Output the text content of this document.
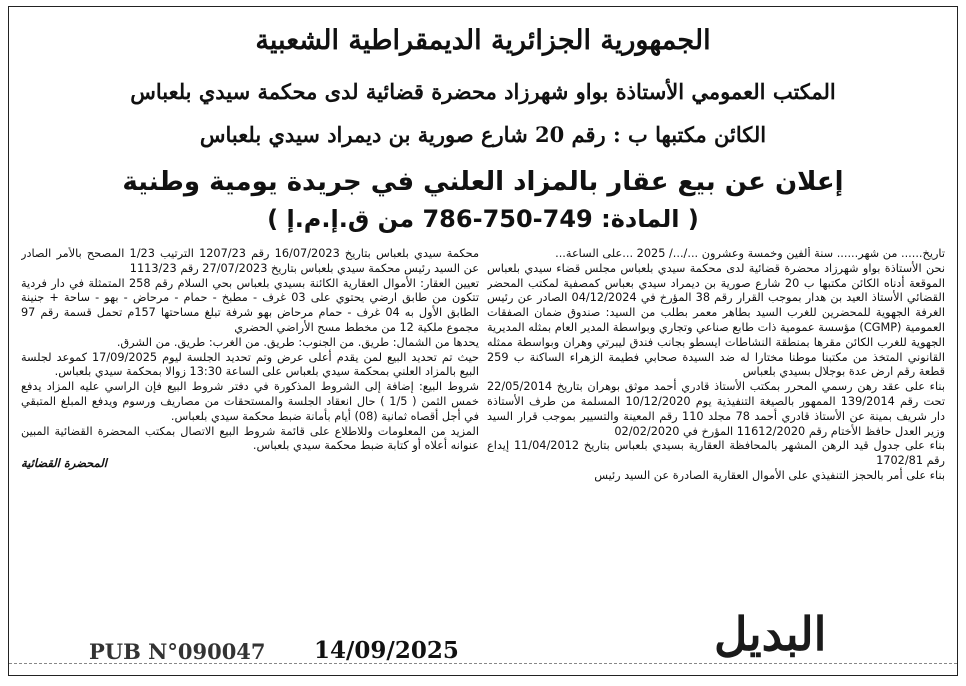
الجمهورية الجزائرية الديمقراطية الشعبية
المكتب العمومي الأستاذة بواو شهرزاد محضرة قضائية لدى محكمة سيدي بلعباس
الكائن مكتبها ب : رقم 20 شارع صورية بن ديمراد سيدي بلعباس
إعلان عن بيع عقار بالمزاد العلني في جريدة يومية وطنية
( المادة: 749-750-786 من ق.إ.م.إ )

تاريخ...... من شهر...... سنة ألفين وخمسة وعشرون .../.../ 2025 ...على الساعة...

نحن الأستاذة بواو شهرزاد محضرة قضائية لدى محكمة سيدي بلعباس مجلس قضاء سيدي بلعباس الموقعة أدناه الكائن مكتبها ب 20 شارع صورية بن ديمراد سيدي بعباس كمصفية لمكتب المحضر القضائي الأستاذ العيد بن هدار بموجب القرار رقم 38 المؤرخ في 04/12/2024 الصادر عن رئيس الغرفة الجهوية للمحضرين للغرب السيد بطاهر معمر بطلب من السيد: صندوق ضمان الصفقات العمومية (CGMP) مؤسسة عمومية ذات طابع صناعي وتجاري وبواسطة المدير العام بمثله المديرية الجهوية للغرب الكائن مقرها بمنطقة النشاطات ايسطو بجانب فندق ليبرتي وهران وبواسطة ممثله القانوني المتخذ من مكتبنا موطنا مختارا له ضد السيدة صحابي فطيمة الزهراء الساكنة ب 259 قطعة رقم ارض عدة بوجلال بسيدي بلعباس

بناء على عقد رهن رسمي المحرر بمكتب الأستاذ قادري أحمد موثق بوهران بتاريخ 22/05/2014 تحت رقم 139/2014 الممهور بالصيغة التنفيذية يوم 10/12/2020 المسلمة من طرف الأستاذة دار شريف بمينة عن الأستاذ قادري أحمد 78 مجلد 110 رقم المعينة والتسيير بموجب قرار السيد وزير العدل حافظ الأختام رقم 11612/2020 المؤرخ في 02/02/2020

بناء على جدول قيد الرهن المشهر بالمحافظة العقارية بسيدي بلعباس بتاريخ 11/04/2012 إيداع رقم 1702/81

بناء على أمر بالحجز التنفيذي على الأموال العقارية الصادرة عن السيد رئيس

محكمة سيدي بلعباس بتاريخ 16/07/2023 رقم 1207/23 الترتيب 1/23 المصحح بالأمر الصادر عن السيد رئيس محكمة سيدي بلعباس بتاريخ 27/07/2023 رقم 1113/23

تعيين العقار: الأموال العقارية الكائنة بسيدي بلعباس بحي السلام رقم 258 المتمثلة في دار فردية تتكون من طابق ارضي يحتوي على 03 غرف - مطبخ - حمام - مرحاض - بهو - ساحة + جنينة الطابق الأول به 04 غرف - حمام مرحاض بهو شرفة تبلغ مساحتها 157م تحمل قسمة رقم 97 مجموع ملكية 12 من مخطط مسح الأراضي الحضري

يحدها من الشمال: طريق. من الجنوب: طريق. من الغرب: طريق. من الشرق.

حيث تم تحديد البيع لمن يقدم أعلى عرض وتم تحديد الجلسة ليوم 17/09/2025 كموعد لجلسة البيع بالمزاد العلني بمحكمة سيدي بلعباس على الساعة 13:30 زوالا بمحكمة سيدي بلعباس.

شروط البيع: إضافة إلى الشروط المذكورة في دفتر شروط البيع فإن الراسي عليه المزاد يدفع خمس الثمن ( 1/5 ) حال انعقاد الجلسة والمستحقات من مصاريف ورسوم ويدفع المبلغ المتبقي في أجل أقصاه ثمانية (08) أيام بأمانة ضبط محكمة سيدي بلعباس.

المزيد من المعلومات وللاطلاع على قائمة شروط البيع الاتصال بمكتب المحضرة القضائية المبين عنوانه أعلاه أو كتابة ضبط محكمة سيدي بلعباس.

المحضرة القضائية
البديل
PUB N°090047 14/09/2025
